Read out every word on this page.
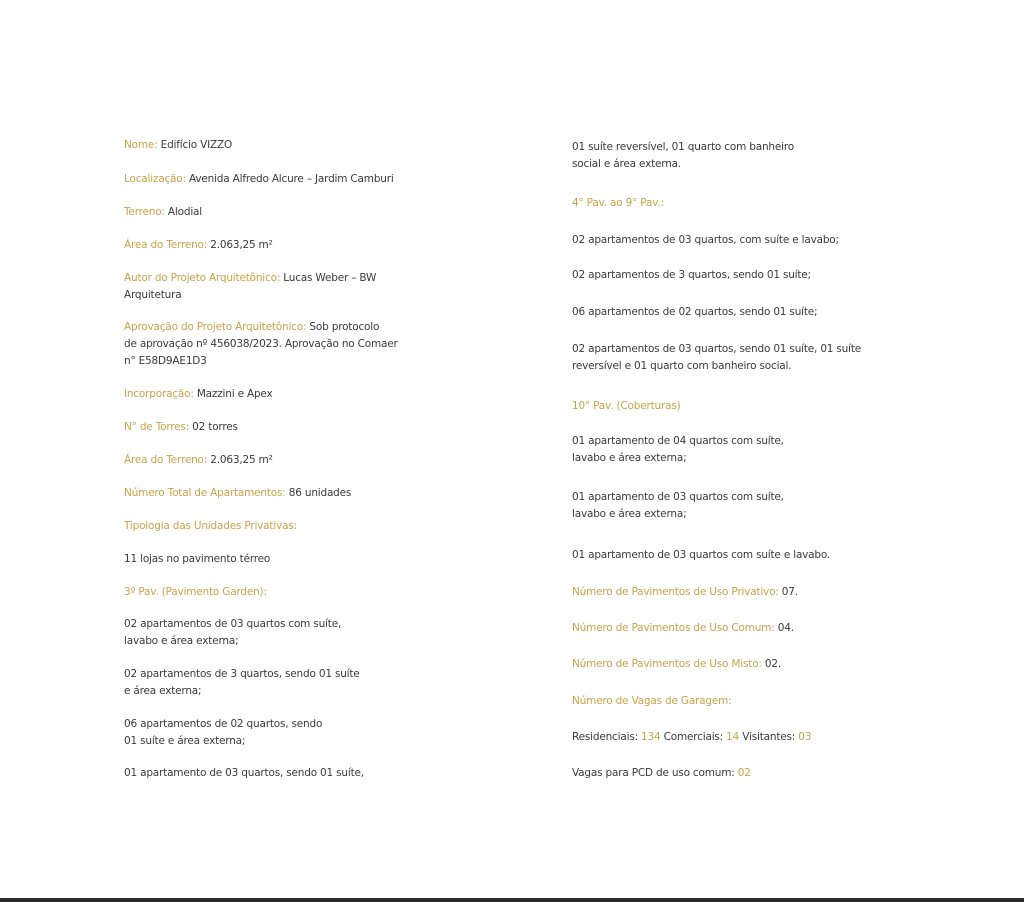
Nome: Edifício VIZZO
Localização: Avenida Alfredo Alcure – Jardim Camburi
Terreno: Alodial
Área do Terreno: 2.063,25 m²
Autor do Projeto Arquitetônico: Lucas Weber – BW
Arquitetura
Aprovação do Projeto Arquitetônico: Sob protocolo
de aprovação nº 456038/2023. Aprovação no Comaer
n° E58D9AE1D3
Incorporação: Mazzini e Apex
N° de Torres: 02 torres
Área do Terreno: 2.063,25 m²
Número Total de Apartamentos: 86 unidades
Tipologia das Unidades Privativas:
11 lojas no pavimento térreo
3º Pav. (Pavimento Garden):
02 apartamentos de 03 quartos com suíte,
lavabo e área externa;
02 apartamentos de 3 quartos, sendo 01 suíte
e área externa;
06 apartamentos de 02 quartos, sendo
01 suíte e área externa;
01 apartamento de 03 quartos, sendo 01 suíte,
01 suíte reversível, 01 quarto com banheiro
social e área externa.
4° Pav. ao 9° Pav.:
02 apartamentos de 03 quartos, com suíte e lavabo;
02 apartamentos de 3 quartos, sendo 01 suíte;
06 apartamentos de 02 quartos, sendo 01 suíte;
02 apartamentos de 03 quartos, sendo 01 suíte, 01 suíte
reversível e 01 quarto com banheiro social.
10° Pav. (Coberturas)
01 apartamento de 04 quartos com suíte,
lavabo e área externa;
01 apartamento de 03 quartos com suíte,
lavabo e área externa;
01 apartamento de 03 quartos com suíte e lavabo.
Número de Pavimentos de Uso Privativo: 07.
Número de Pavimentos de Uso Comum: 04.
Número de Pavimentos de Uso Misto: 02.
Número de Vagas de Garagem:
Residenciais: 134 Comerciais: 14 Visitantes: 03
Vagas para PCD de uso comum: 02
